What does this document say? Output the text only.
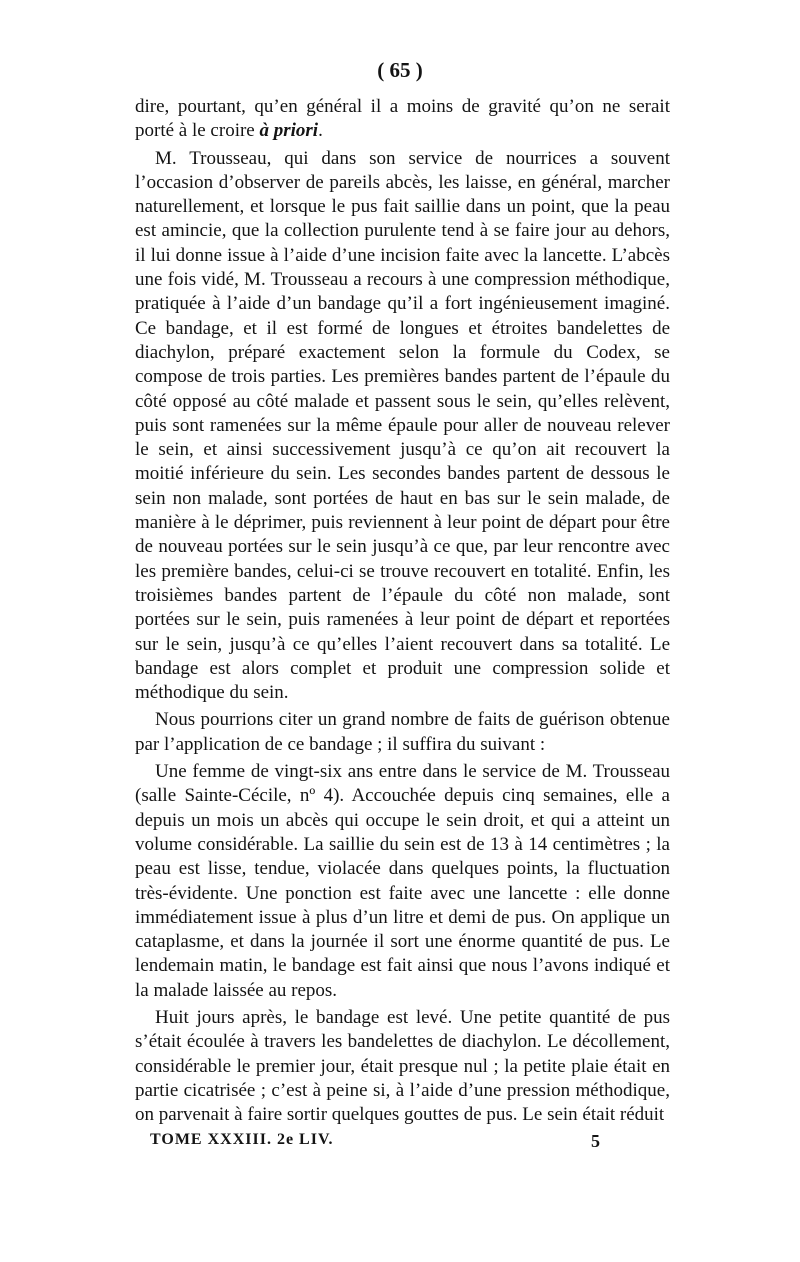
( 65 )

dire, pourtant, qu’en général il a moins de gravité qu’on ne serait porté à le croire à priori.

M. Trousseau, qui dans son service de nourrices a souvent l’occasion d’observer de pareils abcès, les laisse, en général, marcher naturellement, et lorsque le pus fait saillie dans un point, que la peau est amincie, que la collection purulente tend à se faire jour au dehors, il lui donne issue à l’aide d’une incision faite avec la lancette. L’abcès une fois vidé, M. Trousseau a recours à une compression méthodique, pratiquée à l’aide d’un bandage qu’il a fort ingénieusement imaginé. Ce bandage, et il est formé de longues et étroites bandelettes de diachylon, préparé exactement selon la formule du Codex, se compose de trois parties. Les premières bandes partent de l’épaule du côté opposé au côté malade et passent sous le sein, qu’elles relèvent, puis sont ramenées sur la même épaule pour aller de nouveau relever le sein, et ainsi successivement jusqu’à ce qu’on ait recouvert la moitié inférieure du sein. Les secondes bandes partent de dessous le sein non malade, sont portées de haut en bas sur le sein malade, de manière à le déprimer, puis reviennent à leur point de départ pour être de nouveau portées sur le sein jusqu’à ce que, par leur rencontre avec les première bandes, celui-ci se trouve recouvert en totalité. Enfin, les troisièmes bandes partent de l’épaule du côté non malade, sont portées sur le sein, puis ramenées à leur point de départ et reportées sur le sein, jusqu’à ce qu’elles l’aient recouvert dans sa totalité. Le bandage est alors complet et produit une compression solide et méthodique du sein.

Nous pourrions citer un grand nombre de faits de guérison obtenue par l’application de ce bandage ; il suffira du suivant :

Une femme de vingt-six ans entre dans le service de M. Trousseau (salle Sainte-Cécile, nº 4). Accouchée depuis cinq semaines, elle a depuis un mois un abcès qui occupe le sein droit, et qui a atteint un volume considérable. La saillie du sein est de 13 à 14 centimètres ; la peau est lisse, tendue, violacée dans quelques points, la fluctuation très-évidente. Une ponction est faite avec une lancette : elle donne immédiatement issue à plus d’un litre et demi de pus. On applique un cataplasme, et dans la journée il sort une énorme quantité de pus. Le lendemain matin, le bandage est fait ainsi que nous l’avons indiqué et la malade laissée au repos.

Huit jours après, le bandage est levé. Une petite quantité de pus s’était écoulée à travers les bandelettes de diachylon. Le décollement, considérable le premier jour, était presque nul ; la petite plaie était en partie cicatrisée ; c’est à peine si, à l’aide d’une pression méthodique, on parvenait à faire sortir quelques gouttes de pus. Le sein était réduit

TOME XXXIII. 2e LIV.	5
